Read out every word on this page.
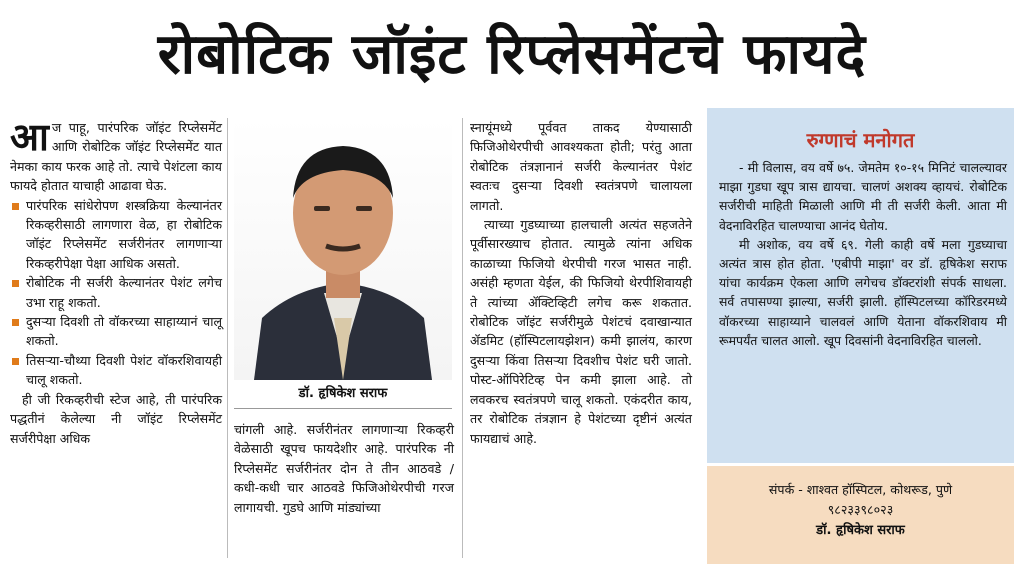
रोबोटिक जॉइंट रिप्लेसमेंटचे फायदे

आज पाहू, पारंपरिक जॉइंट रिप्लेसमेंट आणि रोबोटिक जॉइंट रिप्लेसमेंट यात नेमका काय फरक आहे तो. त्याचे पेशंटला काय फायदे होतात याचाही आढावा घेऊ.

पारंपरिक सांधेरोपण शस्त्रक्रिया केल्यानंतर रिकव्हरीसाठी लागणारा वेळ, हा रोबोटिक जॉइंट रिप्लेसमेंट सर्जरीनंतर लागणाऱ्या रिकव्हरीपेक्षा पेक्षा आधिक असतो.
रोबोटिक नी सर्जरी केल्यानंतर पेशंट लगेच उभा राहू शकतो.
दुसऱ्या दिवशी तो वॉकरच्या साहाय्यानं चालू शकतो.
तिसऱ्या-चौथ्या दिवशी पेशंट वॉकरशिवायही चालू शकतो.

ही जी रिकव्हरीची स्टेज आहे, ती पारंपरिक पद्धतीनं केलेल्या नी जॉइंट रिप्लेसमेंट सर्जरीपेक्षा अधिक

डॉ. हृषिकेश सराफ

चांगली आहे. सर्जरीनंतर लागणाऱ्या रिकव्हरी वेळेसाठी खूपच फायदेशीर आहे. पारंपरिक नी रिप्लेसमेंट सर्जरीनंतर दोन ते तीन आठवडे / कधी-कधी चार आठवडे फिजिओथेरपीची गरज लागायची. गुडघे आणि मांड्यांच्या

स्नायूंमध्ये पूर्ववत ताकद येण्यासाठी फिजिओथेरपीची आवश्यकता होती; परंतु आता रोबोटिक तंत्रज्ञानानं सर्जरी केल्यानंतर पेशंट स्वतःच दुसऱ्या दिवशी स्वतंत्रपणे चालायला लागतो.

त्याच्या गुडघ्याच्या हालचाली अत्यंत सहजतेने पूर्वीसारख्याच होतात. त्यामुळे त्यांना अधिक काळाच्या फिजियो थेरपीची गरज भासत नाही. असंही म्हणता येईल, की फिजियो थेरपीशिवायही ते त्यांच्या ॲक्टिव्हिटी लगेच करू शकतात. रोबोटिक जॉइंट सर्जरीमुळे पेशंटचं दवाखान्यात ॲडमिट (हॉस्पिटलायझेशन) कमी झालंय, कारण दुसऱ्या किंवा तिसऱ्या दिवशीच पेशंट घरी जातो. पोस्ट-ऑपिरेटिव्ह पेन कमी झाला आहे. तो लवकरच स्वतंत्रपणे चालू शकतो. एकंदरीत काय, तर रोबोटिक तंत्रज्ञान हे पेशंटच्या दृष्टीनं अत्यंत फायद्याचं आहे.

रुग्णाचं मनोगत

- मी विलास, वय वर्षे ७५. जेमतेम १०-१५ मिनिटं चालल्यावर माझा गुडघा खूप त्रास द्यायचा. चालणं अशक्य व्हायचं. रोबोटिक सर्जरीची माहिती मिळाली आणि मी ती सर्जरी केली. आता मी वेदनाविरहित चालण्याचा आनंद घेतोय.

मी अशोक, वय वर्षे ६९. गेली काही वर्षे मला गुडघ्याचा अत्यंत त्रास होत होता. 'एबीपी माझा' वर डॉ. हृषिकेश सराफ यांचा कार्यक्रम ऐकला आणि लगेचच डॉक्टरांशी संपर्क साधला. सर्व तपासण्या झाल्या, सर्जरी झाली. हॉस्पिटलच्या कॉरिडरमध्ये वॉकरच्या साहाय्याने चालवलं आणि येताना वॉकरशिवाय मी रूमपर्यंत चालत आलो. खूप दिवसांनी वेदनाविरहित चाललो.

संपर्क - शाश्वत हॉस्पिटल, कोथरूड, पुणे
९८२३३९८०२३
डॉ. हृषिकेश सराफ
